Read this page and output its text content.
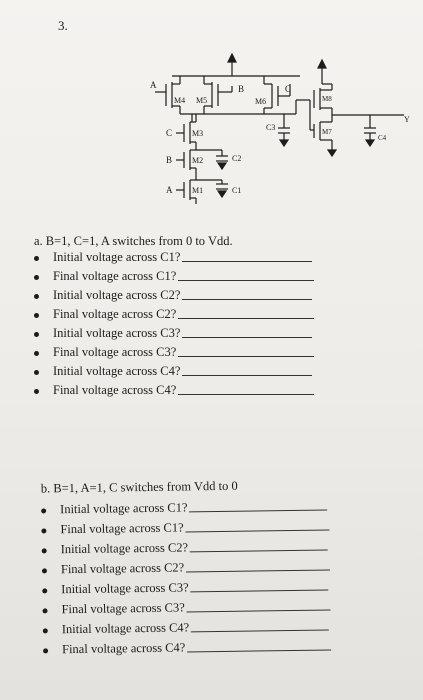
3.
A	B	C
M4 M5	M6	M8
M7
M3
M2
M1
C
B
A	C1
C2
C3
C4
Y
a. B=1, C=1, A switches from 0 to Vdd.
Initial voltage across C1?
Final voltage across C1?
Initial voltage across C2?
Final voltage across C2?
Initial voltage across C3?
Final voltage across C3?
Initial voltage across C4?
Final voltage across C4?
b. B=1, A=1, C switches from Vdd to 0
Initial voltage across C1?
Final voltage across C1?
Initial voltage across C2?
Final voltage across C2?
Initial voltage across C3?
Final voltage across C3?
Initial voltage across C4?
Final voltage across C4?
